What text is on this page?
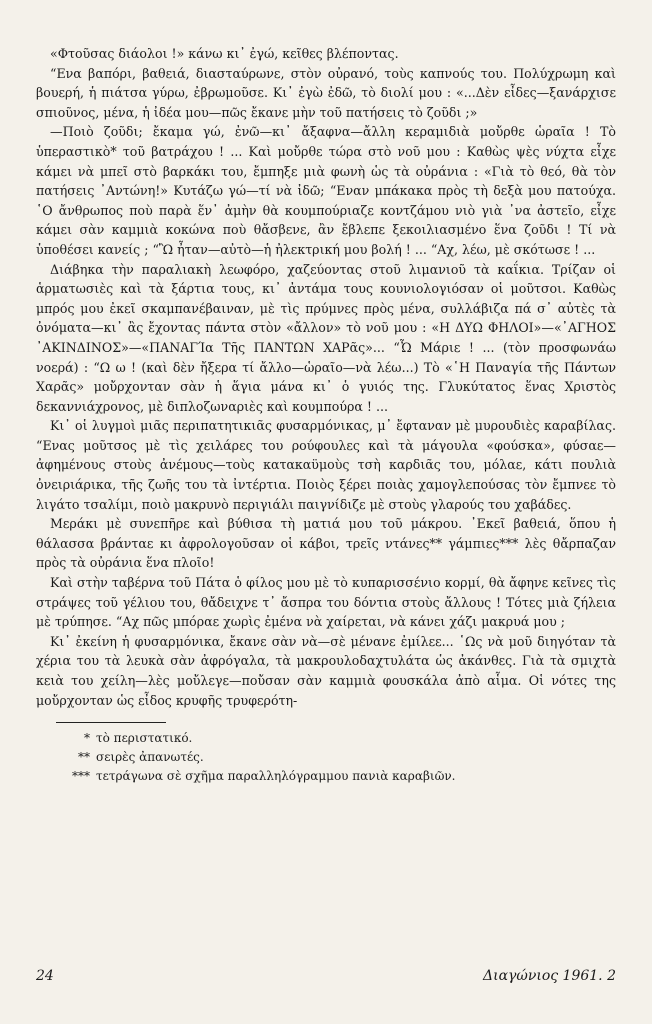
«Φτοῦσας διάολοι !» κάνω κι᾽ ἐγώ, κεῖθες βλέποντας.

“Ενα βαπόρι, βαθειά, διασταύρωνε, στὸν οὐρανό, τοὺς καπνούς του. Πολύχρωμη καὶ βουερή, ἡ πιάτσα γύρω, ἐβρωμοῦσε. Κι᾽ ἐγὼ ἐδῶ, τὸ διολί μου : «...Δὲν εἶδες—ξανάρχισε σπιοῦνος, μένα, ἡ ἰδέα μου—πῶς ἔκανε μὴν τοῦ πατήσεις τὸ ζοῦδι ;»

—Ποιὸ ζοῦδι; ἔκαμα γώ, ἐνῶ—κι᾽ ἄξαφνα—ἄλλη κεραμιδιὰ μοὔρθε ὡραῖα ! Τὸ ὑπεραστικὸ* τοῦ βατράχου ! ... Καὶ μοὔρθε τώρα στὸ νοῦ μου : Καθὼς ψὲς νύχτα εἶχε κάμει νὰ μπεῖ στὸ βαρκάκι του, ἔμπηξε μιὰ φωνὴ ὡς τὰ οὐράνια : «Γιὰ τὸ θεό, θὰ τὸν πατήσεις ᾽Αντώνη!» Κυτάζω γώ—τί νὰ ἰδῶ; “Εναν μπάκακα πρὸς τὴ δεξὰ μου πατούχα. ῾Ο ἄνθρωπος ποὺ παρὰ ἕν᾽ ἀμὴν θὰ κουμπούριαζε κοντζάμου νιὸ γιὰ ᾽να ἀστεῖο, εἶχε κάμει σὰν καμμιὰ κοκώνα ποὺ θἄσβενε, ἂν ἔβλεπε ξεκοιλιασμένο ἕνα ζοῦδι ! Τί νὰ ὑποθέσει κανείς ; “Ὢ ἦταν—αὐτὸ—ἡ ἠλεκτρική μου βολή ! ... “Αχ, λέω, μὲ σκότωσε ! ...

Διάβηκα τὴν παραλιακὴ λεωφόρο, χαζεύοντας στοῦ λιμανιοῦ τὰ καΐκια. Τρίζαν οἱ ἁρματωσιὲς καὶ τὰ ξάρτια τους, κι᾽ ἀντάμα τους κουνιολογιόσαν οἱ μοῦτσοι. Καθὼς μπρός μου ἐκεῖ σκαμπανέβαιναν, μὲ τὶς πρύμνες πρὸς μένα, συλλάβιζα πά σ᾽ αὐτὲς τὰ ὀνόματα—κι᾽ ἂς ἔχοντας πάντα στὸν «ἄλλον» τὸ νοῦ μου : «Η ΔΥΩ ΦΗΛΟΙ»—«᾽ΑΓΗΟΣ ᾽ΑΚΙΝΔΙΝΟΣ»—«ΠΑΝΑΓΊα Τῆς ΠΑΝΤΩΝ ΧΑΡᾶς»... “Ὦ Μάριε ! ... (τὸν προσφωνάω νοερά) : “Ω ω ! (καὶ δὲν ἤξερα τί ἄλλο—ὡραῖο—νὰ λέω...) Τὸ «῾Η Παναγία τῆς Πάντων Χαρᾶς» μοὔρχονταν σὰν ἡ ἅγια μάνα κι᾽ ὁ γυιός της. Γλυκύτατος ἕνας Χριστὸς δεκαννιάχρονος, μὲ διπλοζωναριὲς καὶ κουμπούρα ! ...

Κι᾽ οἱ λυγμοὶ μιᾶς περιπατητικιᾶς φυσαρμόνικας, μ᾽ ἔφταναν μὲ μυρουδιὲς καραβίλας. “Ενας μοῦτσος μὲ τὶς χειλάρες του ρούφουλες καὶ τὰ μάγουλα «φούσκα», φύσαε—ἀφημένους στοὺς ἀνέμους—τοὺς κατακαϋμοὺς τσὴ καρδιᾶς του, μόλαε, κάτι πουλιὰ ὀνειριάρικα, τῆς ζωῆς του τὰ ἰντέρτια. Ποιὸς ξέρει ποιὰς χαμογλεπούσας τὸν ἔμπνεε τὸ λιγάτο τσαλίμι, ποιὸ μακρυνὸ περιγιάλι παιγνίδιζε μὲ στοὺς γλαρούς του χαβάδες.

Μεράκι μὲ συνεπῆρε καὶ βύθισα τὴ ματιά μου τοῦ μάκρου. ᾽Εκεῖ βαθειά, ὅπου ἡ θάλασσα βράνταε κι ἀφρολογοῦσαν οἱ κάβοι, τρεῖς ντάνες** γάμπιες*** λὲς θἄρπαζαν πρὸς τὰ οὐράνια ἕνα πλοῖο!

Καὶ στὴν ταβέρνα τοῦ Πάτα ὁ φίλος μου μὲ τὸ κυπαρισσένιο κορμί, θὰ ἄφηνε κεῖνες τὶς στράψες τοῦ γέλιου του, θἄδειχνε τ᾽ ἄσπρα του δόντια στοὺς ἄλλους ! Τότες μιὰ ζήλεια μὲ τρύπησε. “Αχ πῶς μπόραε χωρὶς ἐμένα νὰ χαίρεται, νὰ κάνει χάζι μακρυά μου ;

Κι᾽ ἐκείνη ἡ φυσαρμόνικα, ἔκανε σὰν νὰ—σὲ μένανε ἐμίλεε... ῾Ως νὰ μοῦ διηγόταν τὰ χέρια του τὰ λευκὰ σὰν ἀφρόγαλα, τὰ μακρουλοδαχτυλάτα ὡς ἀκάνθες. Γιὰ τὰ σμιχτὰ κειὰ του χείλη—λὲς μοὔλεγε—ποὔσαν σὰν καμμιὰ φουσκάλα ἀπὸ αἷμα. Οἱ νότες της μοὔρχονταν ὡς εἶδος κρυφῆς τρυφερότη-

* τὸ περιστατικό.
** σειρὲς ἀπανωτές.
*** τετράγωνα σὲ σχῆμα παραλληλόγραμμου πανιὰ καραβιῶν.
24	Διαγώνιος 1961. 2
